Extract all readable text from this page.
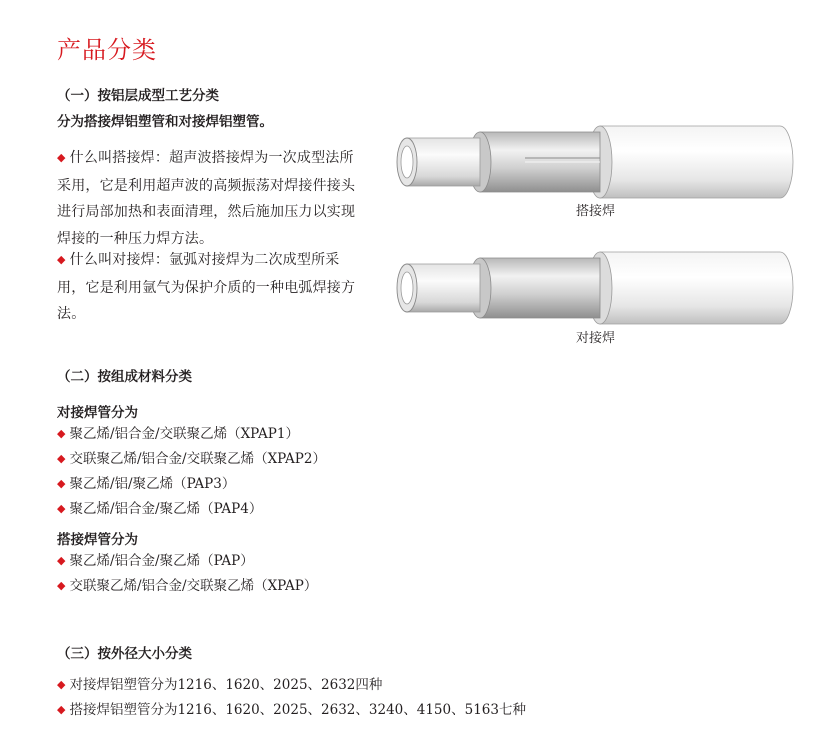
产品分类
（一）按铝层成型工艺分类
分为搭接焊铝塑管和对接焊铝塑管。
◆ 什么叫搭接焊：超声波搭接焊为一次成型法所采用，它是利用超声波的高频振荡对焊接件接头进行局部加热和表面清理，然后施加压力以实现焊接的一种压力焊方法。
◆ 什么叫对接焊：氩弧对接焊为二次成型所采用，它是利用氩气为保护介质的一种电弧焊接方法。
搭接焊
对接焊
（二）按组成材料分类
对接焊管分为
◆ 聚乙烯/铝合金/交联聚乙烯（XPAP1）
◆ 交联聚乙烯/铝合金/交联聚乙烯（XPAP2）
◆ 聚乙烯/铝/聚乙烯（PAP3）
◆ 聚乙烯/铝合金/聚乙烯（PAP4）
搭接焊管分为
◆ 聚乙烯/铝合金/聚乙烯（PAP）
◆ 交联聚乙烯/铝合金/交联聚乙烯（XPAP）
（三）按外径大小分类
◆ 对接焊铝塑管分为1216、1620、2025、2632四种
◆ 搭接焊铝塑管分为1216、1620、2025、2632、3240、4150、5163七种
